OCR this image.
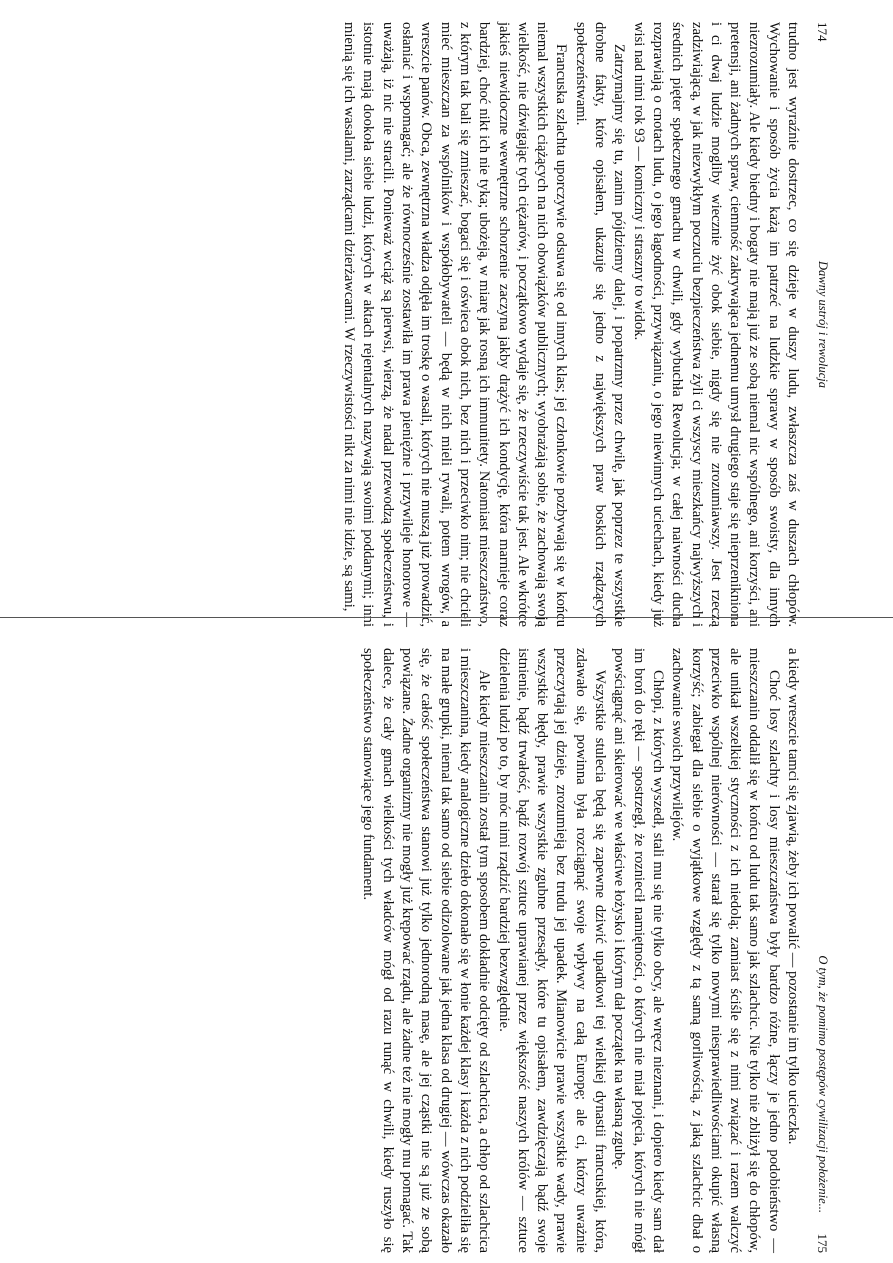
174
Dawny ustrój i rewolucja

trudno jest wyraźnie dostrzec, co się dzieje w duszy ludu, zwłaszcza zaś w duszach chłopów. Wychowanie i sposób życia każą im patrzeć na ludzkie sprawy w sposób swoisty, dla innych niezrozumiały. Ale kiedy biedny i bogaty nie mają już ze sobą niemal nic wspólnego, ani korzyści, ani pretensji, ani żadnych spraw, ciemność zakrywająca jednemu umysł drugiego staje się nieprzenikniona i ci dwaj ludzie mogliby wiecznie żyć obok siebie, nigdy się nie zrozumiawszy. Jest rzeczą zadziwiającą, w jak niezwykłym poczuciu bezpieczeństwa żyli ci wszyscy mieszkańcy najwyższych i średnich pięter społecznego gmachu w chwili, gdy wybuchła Rewolucja; w całej naiwności ducha rozprawiają o cnotach ludu, o jego łagodności, przywiązaniu, o jego niewinnych uciechach, kiedy już wisi nad nimi rok 93 — komiczny i straszny to widok.

Zatrzymajmy się tu, zanim pójdziemy dalej, i popatrzmy przez chwilę, jak poprzez te wszystkie drobne fakty, które opisałem, ukazuje się jedno z największych praw boskich rządzących społeczeństwami.

Francuska szlachta uporczywie odsuwa się od innych klas; jej członkowie pozbywają się w końcu niemal wszystkich ciążących na nich obowiązków publicznych; wyobrażają sobie, że zachowają swoją wielkość, nie dźwigając tych ciężarów, i początkowo wydaje się, że rzeczywiście tak jest. Ale wkrótce jakieś niewidoczne wewnętrzne schorzenie zaczyna jakby drążyć ich kondycję, która marnieje coraz bardziej, choć nikt ich nie tyka; ubożeją, w miarę jak rosną ich immunitety. Natomiast mieszczaństwo, z którym tak bali się zmieszać, bogaci się i oświeca obok nich, bez nich i przeciwko nim; nie chcieli mieć mieszczan za wspólników i współobywateli — będą w nich mieli rywali, potem wrogów, a wreszcie panów. Obca, zewnętrzna władza odjęła im troskę o wasali, których nie muszą już prowadzić, osłaniać i wspomagać; ale że równocześnie zostawiła im prawa pieniężne i przywileje honorowe — uważają, iż nic nie stracili. Ponieważ wciąż są pierwsi, wierzą, że nadal przewodzą społeczeństwu, i istotnie mają dookoła siebie ludzi, których w aktach rejentalnych nazywają swoimi poddanymi; inni mienią się ich wasalami, zarządcami dzierżawcami. W rzeczywistości nikt za nimi nie idzie, są sami,

O tym, że pomimo postępów cywilizacji położenie...
175

a kiedy wreszcie tamci się zjawią, żeby ich powalić — pozostanie im tylko ucieczka.

Choć losy szlachty i losy mieszczaństwa były bardzo różne, łączy je jedno podobieństwo — mieszczanin oddalił się w końcu od ludu tak samo jak szlachcic. Nie tylko nie zbliżył się do chłopów, ale unikał wszelkiej styczności z ich niedolą; zamiast ściśle się z nimi związać i razem walczyć przeciwko wspólnej nierówności — starał się tylko nowymi niesprawiedliwościami okupić własną korzyść; zabiegał dla siebie o wyjątkowe względy z tą samą gorliwością, z jaką szlachcic dbał o zachowanie swoich przywilejów.

Chłopi, z których wyszedł, stali mu się nie tylko obcy, ale wręcz nieznani, i dopiero kiedy sam dał im broń do ręki — spostrzegł, że rozniecił namiętności, o których nie miał pojęcia, których nie mógł powściągnąć ani skierować we właściwe łożysko i którym dał początek na własną zgubę.

Wszystkie stulecia będą się zapewne dziwić upadkowi tej wielkiej dynastii francuskiej, która, zdawało się, powinna była rozciągnąć swoje wpływy na całą Europę; ale ci, którzy uważnie przeczytają jej dzieje, zrozumieją bez trudu jej upadek. Mianowicie prawie wszystkie wady, prawie wszystkie błędy, prawie wszystkie zgubne przesądy, które tu opisałem, zawdzięczają bądź swoje istnienie, bądź trwałość, bądź rozwój sztuce uprawianej przez większość naszych królów — sztuce dzielenia ludzi po to, by móc nimi rządzić bardziej bezwzględnie.

Ale kiedy mieszczanin został tym sposobem dokładnie odcięty od szlachcica, a chłop od szlachcica i mieszczanina, kiedy analogiczne dzieło dokonało się w łonie każdej klasy i każda z nich podzieliła się na małe grupki, niemal tak samo od siebie odizolowane jak jedna klasa od drugiej — wówczas okazało się, że całość społeczeństwa stanowi już tylko jednorodną masę, ale jej cząstki nie są już ze sobą powiązane. Żadne organizmy nie mogły już krępować rządu, ale żadne też nie mogły mu pomagać. Tak dalece, że cały gmach wielkości tych władców mógł od razu runąć w chwili, kiedy ruszyło się społeczeństwo stanowiące jego fundament.
